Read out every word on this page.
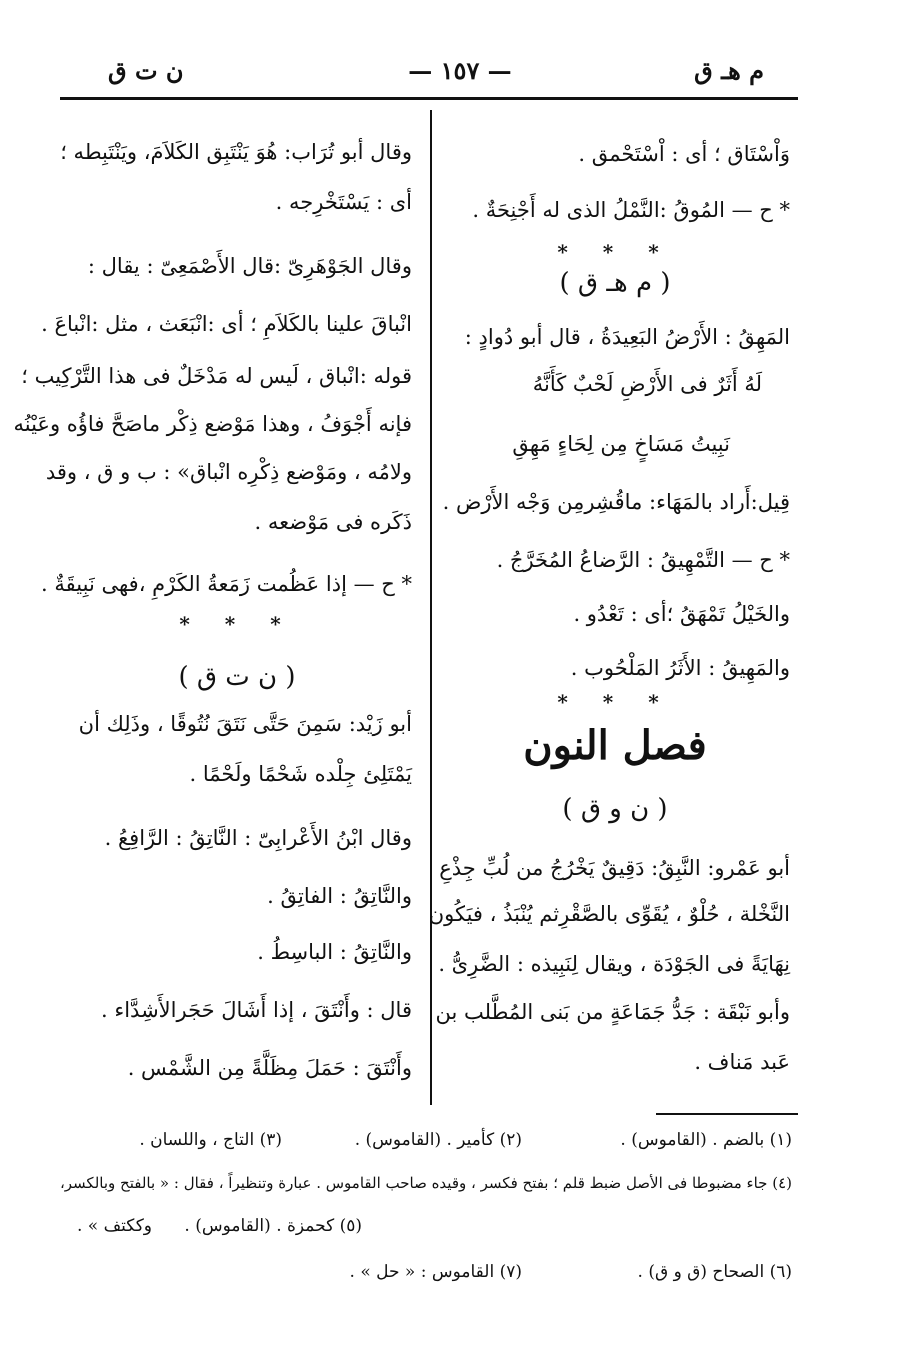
م هـ ق
— ١٥٧ —
ن ت ق
وَاْسْتَاق ؛ أى : اْسْتَحْمق .
* ح — المُوقُ :النَّمْلُ الذى له أَجْنِحَةٌ .
* * *
( م هـ ق )
المَهِقُ : الأَرْضُ البَعِيدَةُ ، قال أبو دُوادٍ :
لَهُ أَثَرٌ فى الأَرْضِ لَحْبٌ كَأَنَّهُ
نَبِيتُ مَسَاخٍ مِن لِحَاءٍ مَهِقِ
قِيل:أَراد بالمَهَاء: ماقُشِرمِن وَجْه الأَرْض .
* ح — التَّمْهِيقُ : الرَّضاعُ المُخَرَّجُ .
والخَيْلُ تَمْهَقُ ؛أى : تَعْدُو .
والمَهِيقُ : الأَثَرُ المَلْحُوب .
* * *
فصل النون
( ن و ق )
أبو عَمْرو: النَّبِقُ: دَقِيقٌ يَخْرُجُ من لُبِّ جِذْعِ
النَّخْلة ، حُلْوٌ ، يُقَوِّى بالصَّقْرِثم يُنْبَذُ ، فيَكُون
نِهَايَةً فى الجَوْدَة ، ويقال لِنَبِيذه : الضَّرِىُّ .
وأبو نَبْقَة : جَدُّ جَمَاعَةٍ من بَنى المُطَّلب بن
عَبد مَناف .
وقال أبو تُرَاب: هُوَ يَنْتَبِق الكَلاَمَ، ويَنْتَبِطه ؛
أى : يَسْتَخْرِجه .
وقال الجَوْهَرِىّ :قال الأَصْمَعِىّ : يقال :
انْباقَ علينا بالكَلاَمِ ؛ أى :انْبَعَث ، مثل :انْباعَ .
قوله :انْباق ، لَيس له مَدْخَلٌ فى هذا التَّرْكِيب ؛
فإنه أَجْوَفُ ، وهذا مَوْضع ذِكْر ماصَحَّ فاؤُه وعَيْنُه
ولامُه ، ومَوْضع ذِكْرِه انْباق» : ب و ق ، وقد
ذَكَره فى مَوْضعه .
* ح — إذا عَظُمت زَمَعةُ الكَرْمِ ،فهى نَبِيقَةٌ .
* * *
( ن ت ق )
أبو زَيْد: سَمِنَ حَتَّى نَتَقَ نُتُوقًا ، وذَلِك أن
يَمْتَلِئ جِلْده شَحْمًا ولَحْمًا .
وقال ابْنُ الأَعْرابِىّ : النَّاتِقُ : الرَّافِعُ .
والنَّاتِقُ : الفاتِقُ .
والنَّاتِقُ : الباسِطُ .
قال : وأَنْتَقَ ، إذا أَشَالَ حَجَرالأَشِدَّاء .
وأَنْتَقَ : حَمَلَ مِظَلَّةً مِن الشَّمْس .
(١) بالضم . (القاموس) .
(٢) كأمير . (القاموس) .
(٣) التاج ، واللسان .
(٤) جاء مضبوطا فى الأصل ضبط قلم ؛ بفتح فكسر ، وقيده صاحب القاموس . عبارة وتنظيراً ، فقال : « بالفتح وبالكسر،
وككتف » . (٥) كحمزة . (القاموس) .
(٦) الصحاح (ق و ق) .
(٧) القاموس : « حل » .
